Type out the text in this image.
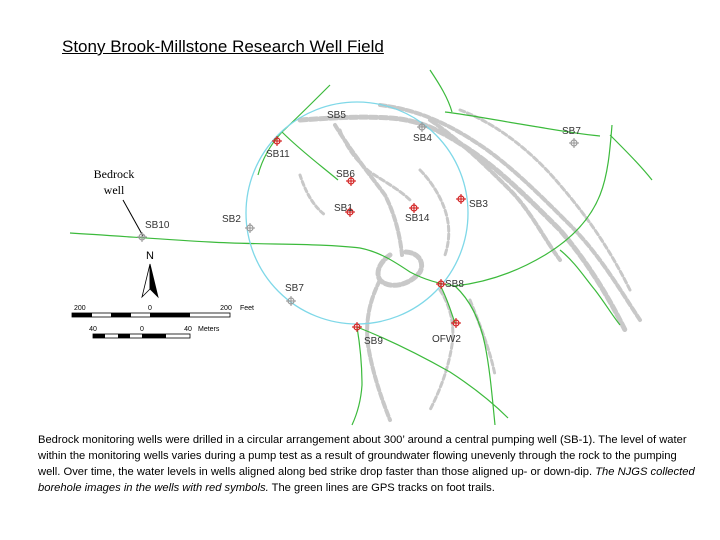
Stony Brook-Millstone Research Well Field
Bedrock
well
SB5
SB4
SB7
SB11
SB6
SB1
SB14
SB3
SB2
SB10
SB8
SB7
SB9	OFW2
N
200	0	200 Feet
40	0	40 Meters
Bedrock monitoring wells were drilled in a circular arrangement about 300’ around a central pumping well (SB-1). The level of water within the monitoring wells varies during a pump test as a result of groundwater flowing unevenly through the rock to the pumping well. Over time, the water levels in wells aligned along bed strike drop faster than those aligned up- or down-dip. The NJGS collected borehole images in the wells with red symbols. The green lines are GPS tracks on foot trails.
